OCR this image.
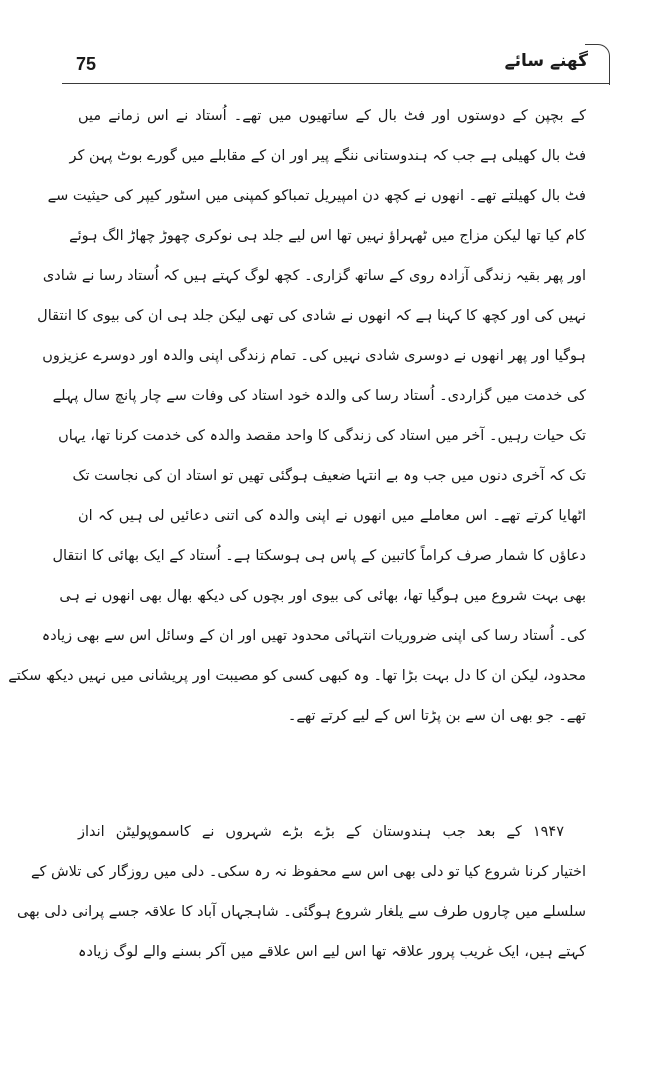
75	گھنے سائے
کے بچپن کے دوستوں اور فٹ بال کے ساتھیوں میں تھے۔ اُستاد نے اس زمانے میں
فٹ بال کھیلی ہے جب کہ ہندوستانی ننگے پیر اور ان کے مقابلے میں گورے بوٹ پہن کر
فٹ بال کھیلتے تھے۔ انھوں نے کچھ دن امپیریل تمباکو کمپنی میں اسٹور کیپر کی حیثیت سے
کام کیا تھا لیکن مزاج میں ٹھہراؤ نہیں تھا اس لیے جلد ہی نوکری چھوڑ چھاڑ الگ ہوئے
اور پھر بقیہ زندگی آزادہ روی کے ساتھ گزاری۔ کچھ لوگ کہتے ہیں کہ اُستاد رسا نے شادی
نہیں کی اور کچھ کا کہنا ہے کہ انھوں نے شادی کی تھی لیکن جلد ہی ان کی بیوی کا انتقال
ہوگیا اور پھر انھوں نے دوسری شادی نہیں کی۔ تمام زندگی اپنی والدہ اور دوسرے عزیزوں
کی خدمت میں گزاردی۔ اُستاد رسا کی والدہ خود استاد کی وفات سے چار پانچ سال پہلے
تک حیات رہیں۔ آخر میں استاد کی زندگی کا واحد مقصد والدہ کی خدمت کرنا تھا، یہاں
تک کہ آخری دنوں میں جب وہ بے انتہا ضعیف ہوگئی تھیں تو استاد ان کی نجاست تک
اٹھایا کرتے تھے۔ اس معاملے میں انھوں نے اپنی والدہ کی اتنی دعائیں لی ہیں کہ ان
دعاؤں کا شمار صرف کراماً کاتبین کے پاس ہی ہوسکتا ہے۔ اُستاد کے ایک بھائی کا انتقال
بھی بہت شروع میں ہوگیا تھا، بھائی کی بیوی اور بچوں کی دیکھ بھال بھی انھوں نے ہی
کی۔ اُستاد رسا کی اپنی ضروریات انتہائی محدود تھیں اور ان کے وسائل اس سے بھی زیادہ
محدود، لیکن ان کا دل بہت بڑا تھا۔ وہ کبھی کسی کو مصیبت اور پریشانی میں نہیں دیکھ سکتے
تھے۔ جو بھی ان سے بن پڑتا اس کے لیے کرتے تھے۔
۱۹۴۷ کے بعد جب ہندوستان کے بڑے بڑے شہروں نے کاسموپولیٹن انداز
اختیار کرنا شروع کیا تو دلی بھی اس سے محفوظ نہ رہ سکی۔ دلی میں روزگار کی تلاش کے
سلسلے میں چاروں طرف سے یلغار شروع ہوگئی۔ شاہجہاں آباد کا علاقہ جسے پرانی دلی بھی
کہتے ہیں، ایک غریب پرور علاقہ تھا اس لیے اس علاقے میں آکر بسنے والے لوگ زیادہ
